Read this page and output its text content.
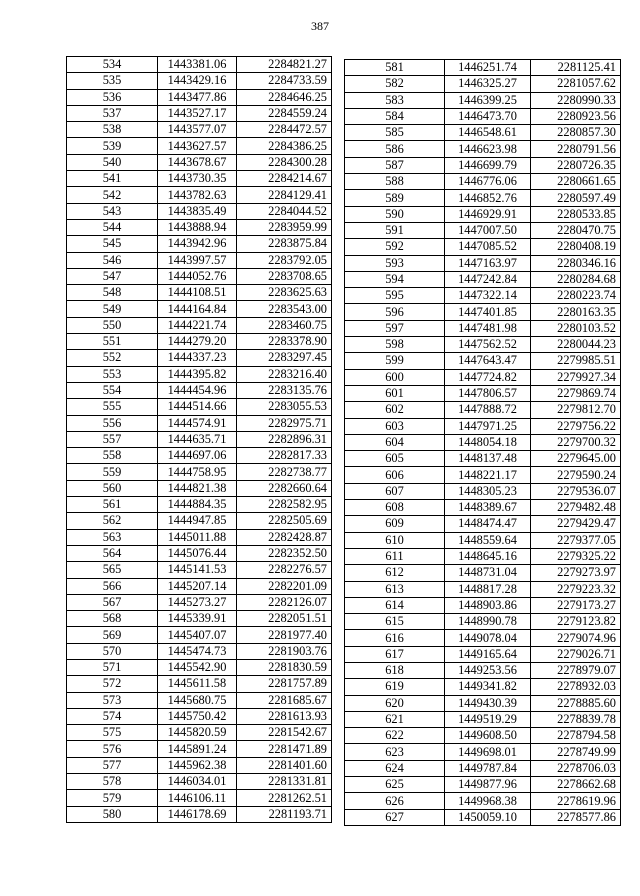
387
534	1443381.06	2284821.27
535	1443429.16	2284733.59
536	1443477.86	2284646.25
537	1443527.17	2284559.24
538	1443577.07	2284472.57
539	1443627.57	2284386.25
540	1443678.67	2284300.28
541	1443730.35	2284214.67
542	1443782.63	2284129.41
543	1443835.49	2284044.52
544	1443888.94	2283959.99
545	1443942.96	2283875.84
546	1443997.57	2283792.05
547	1444052.76	2283708.65
548	1444108.51	2283625.63
549	1444164.84	2283543.00
550	1444221.74	2283460.75
551	1444279.20	2283378.90
552	1444337.23	2283297.45
553	1444395.82	2283216.40
554	1444454.96	2283135.76
555	1444514.66	2283055.53
556	1444574.91	2282975.71
557	1444635.71	2282896.31
558	1444697.06	2282817.33
559	1444758.95	2282738.77
560	1444821.38	2282660.64
561	1444884.35	2282582.95
562	1444947.85	2282505.69
563	1445011.88	2282428.87
564	1445076.44	2282352.50
565	1445141.53	2282276.57
566	1445207.14	2282201.09
567	1445273.27	2282126.07
568	1445339.91	2282051.51
569	1445407.07	2281977.40
570	1445474.73	2281903.76
571	1445542.90	2281830.59
572	1445611.58	2281757.89
573	1445680.75	2281685.67
574	1445750.42	2281613.93
575	1445820.59	2281542.67
576	1445891.24	2281471.89
577	1445962.38	2281401.60
578	1446034.01	2281331.81
579	1446106.11	2281262.51
580	1446178.69	2281193.71
581	1446251.74	2281125.41
582	1446325.27	2281057.62
583	1446399.25	2280990.33
584	1446473.70	2280923.56
585	1446548.61	2280857.30
586	1446623.98	2280791.56
587	1446699.79	2280726.35
588	1446776.06	2280661.65
589	1446852.76	2280597.49
590	1446929.91	2280533.85
591	1447007.50	2280470.75
592	1447085.52	2280408.19
593	1447163.97	2280346.16
594	1447242.84	2280284.68
595	1447322.14	2280223.74
596	1447401.85	2280163.35
597	1447481.98	2280103.52
598	1447562.52	2280044.23
599	1447643.47	2279985.51
600	1447724.82	2279927.34
601	1447806.57	2279869.74
602	1447888.72	2279812.70
603	1447971.25	2279756.22
604	1448054.18	2279700.32
605	1448137.48	2279645.00
606	1448221.17	2279590.24
607	1448305.23	2279536.07
608	1448389.67	2279482.48
609	1448474.47	2279429.47
610	1448559.64	2279377.05
611	1448645.16	2279325.22
612	1448731.04	2279273.97
613	1448817.28	2279223.32
614	1448903.86	2279173.27
615	1448990.78	2279123.82
616	1449078.04	2279074.96
617	1449165.64	2279026.71
618	1449253.56	2278979.07
619	1449341.82	2278932.03
620	1449430.39	2278885.60
621	1449519.29	2278839.78
622	1449608.50	2278794.58
623	1449698.01	2278749.99
624	1449787.84	2278706.03
625	1449877.96	2278662.68
626	1449968.38	2278619.96
627	1450059.10	2278577.86
